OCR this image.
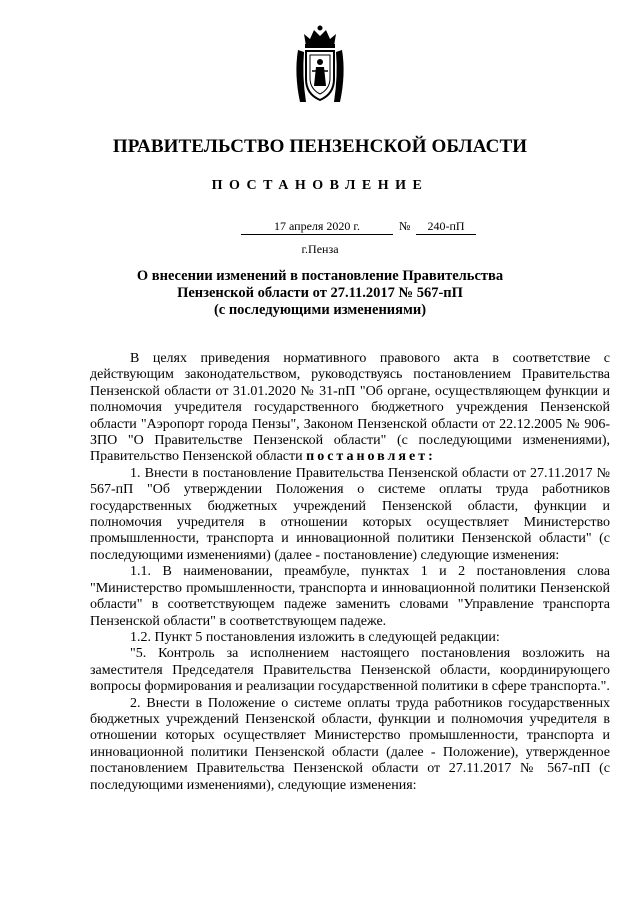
ПРАВИТЕЛЬСТВО ПЕНЗЕНСКОЙ ОБЛАСТИ
ПОСТАНОВЛЕНИЕ
17 апреля 2020 г.	№	240-пП
г.Пенза
О внесении изменений в постановление Правительства
Пензенской области от 27.11.2017 № 567-пП
(с последующими изменениями)

В целях приведения нормативного правового акта в соответствие с действующим законодательством, руководствуясь постановлением Правительства Пензенской области от 31.01.2020 № 31-пП "Об органе, осуществляющем функции и полномочия учредителя государственного бюджетного учреждения Пензенской области "Аэропорт города Пензы", Законом Пензенской области от 22.12.2005 № 906-ЗПО "О Правительстве Пензенской области" (с последующими изменениями), Правительство Пензенской области постановляет:

1. Внести в постановление Правительства Пензенской области от 27.11.2017 № 567-пП "Об утверждении Положения о системе оплаты труда работников государственных бюджетных учреждений Пензенской области, функции и полномочия учредителя в отношении которых осуществляет Министерство промышленности, транспорта и инновационной политики Пензенской области" (с последующими изменениями) (далее - постановление) следующие изменения:

1.1. В наименовании, преамбуле, пунктах 1 и 2 постановления слова "Министерство промышленности, транспорта и инновационной политики Пензенской области" в соответствующем падеже заменить словами "Управление транспорта Пензенской области" в соответствующем падеже.

1.2. Пункт 5 постановления изложить в следующей редакции:

"5. Контроль за исполнением настоящего постановления возложить на заместителя Председателя Правительства Пензенской области, координирующего вопросы формирования и реализации государственной политики в сфере транспорта.".

2. Внести в Положение о системе оплаты труда работников государственных бюджетных учреждений Пензенской области, функции и полномочия учредителя в отношении которых осуществляет Министерство промышленности, транспорта и инновационной политики Пензенской области (далее - Положение), утвержденное постановлением Правительства Пензенской области от 27.11.2017 № 567-пП (с последующими изменениями), следующие изменения:
